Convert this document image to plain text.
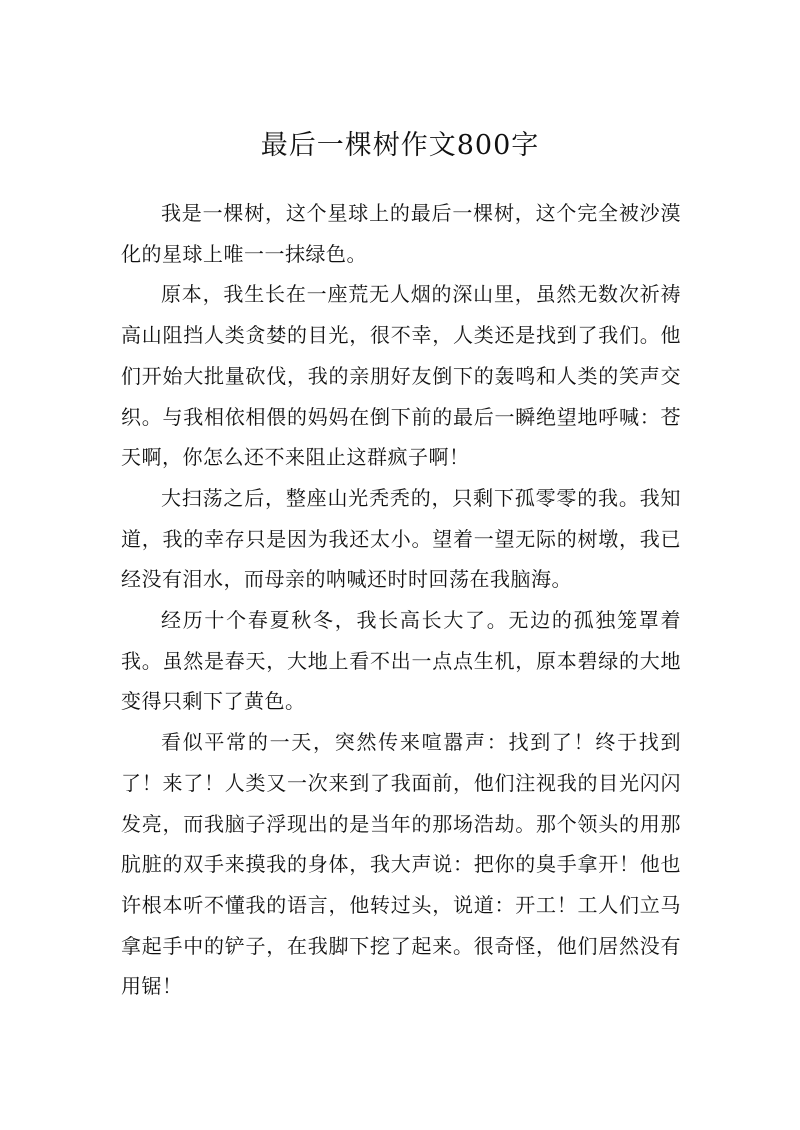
最后一棵树作文800字

我是一棵树，这个星球上的最后一棵树，这个完全被沙漠化的星球上唯一一抹绿色。

原本，我生长在一座荒无人烟的深山里，虽然无数次祈祷高山阻挡人类贪婪的目光，很不幸，人类还是找到了我们。他们开始大批量砍伐，我的亲朋好友倒下的轰鸣和人类的笑声交织。与我相依相偎的妈妈在倒下前的最后一瞬绝望地呼喊：苍天啊，你怎么还不来阻止这群疯子啊！

大扫荡之后，整座山光秃秃的，只剩下孤零零的我。我知道，我的幸存只是因为我还太小。望着一望无际的树墩，我已经没有泪水，而母亲的呐喊还时时回荡在我脑海。

经历十个春夏秋冬，我长高长大了。无边的孤独笼罩着我。虽然是春天，大地上看不出一点点生机，原本碧绿的大地变得只剩下了黄色。

看似平常的一天，突然传来喧嚣声：找到了！终于找到了！来了！人类又一次来到了我面前，他们注视我的目光闪闪发亮，而我脑子浮现出的是当年的那场浩劫。那个领头的用那肮脏的双手来摸我的身体，我大声说：把你的臭手拿开！他也许根本听不懂我的语言，他转过头，说道：开工！工人们立马拿起手中的铲子，在我脚下挖了起来。很奇怪，他们居然没有用锯！
